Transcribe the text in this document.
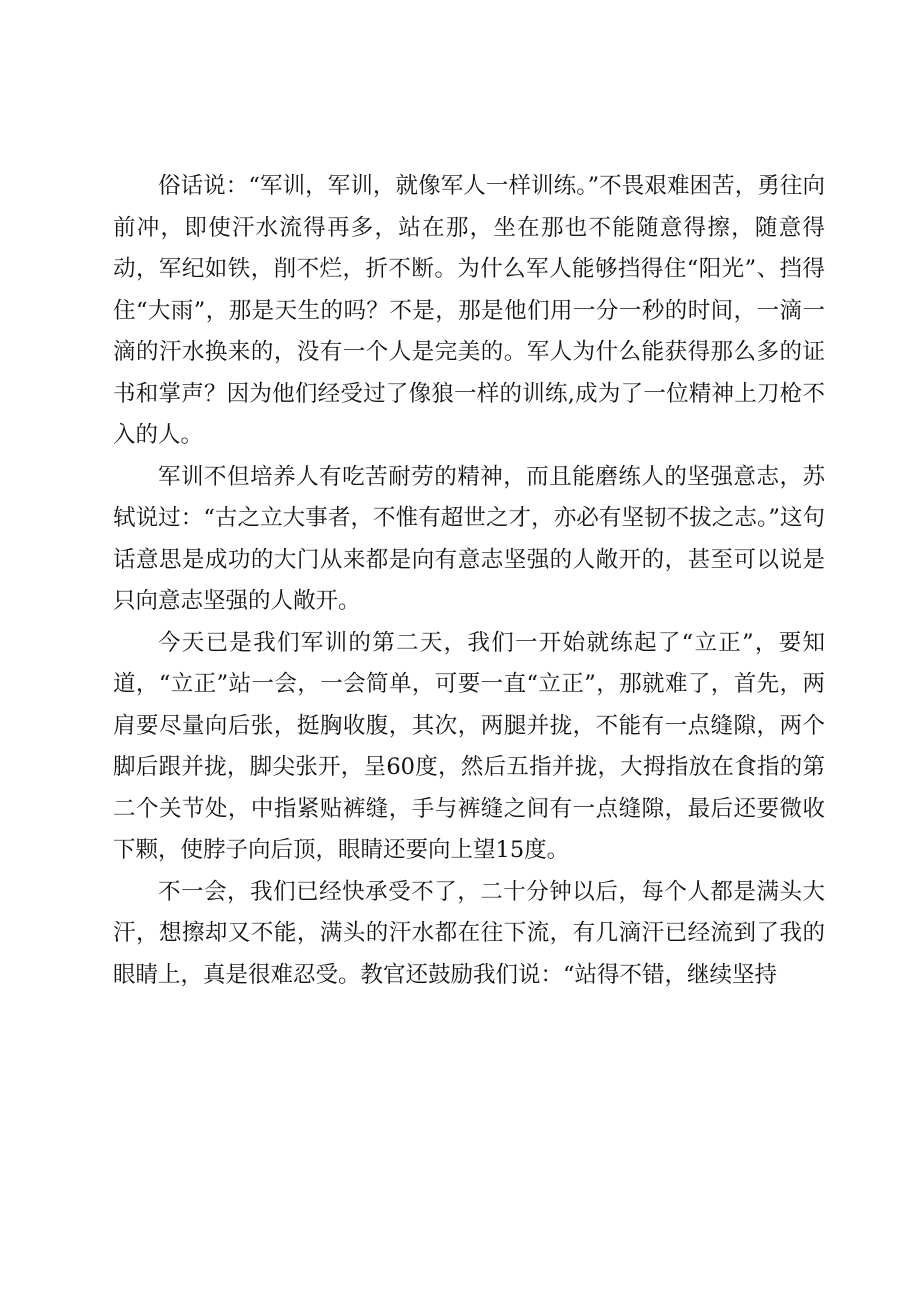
俗话说：“军训，军训，就像军人一样训练。”不畏艰难困苦，勇往向前冲，即使汗水流得再多，站在那，坐在那也不能随意得擦，随意得动，军纪如铁，削不烂，折不断。为什么军人能够挡得住“阳光”、挡得住“大雨”，那是天生的吗？不是，那是他们用一分一秒的时间，一滴一滴的汗水换来的，没有一个人是完美的。军人为什么能获得那么多的证书和掌声？因为他们经受过了像狼一样的训练,成为了一位精神上刀枪不入的人。

军训不但培养人有吃苦耐劳的精神，而且能磨练人的坚强意志，苏轼说过：“古之立大事者，不惟有超世之才，亦必有坚韧不拔之志。”这句话意思是成功的大门从来都是向有意志坚强的人敞开的，甚至可以说是只向意志坚强的人敞开。

今天已是我们军训的第二天，我们一开始就练起了“立正”，要知道，“立正”站一会，一会简单，可要一直“立正”，那就难了，首先，两肩要尽量向后张，挺胸收腹，其次，两腿并拢，不能有一点缝隙，两个脚后跟并拢，脚尖张开，呈60度，然后五指并拢，大拇指放在食指的第二个关节处，中指紧贴裤缝，手与裤缝之间有一点缝隙，最后还要微收下颗，使脖子向后顶，眼睛还要向上望15度。

不一会，我们已经快承受不了，二十分钟以后，每个人都是满头大汗，想擦却又不能，满头的汗水都在往下流，有几滴汗已经流到了我的眼睛上，真是很难忍受。教官还鼓励我们说：“站得不错，继续坚持
